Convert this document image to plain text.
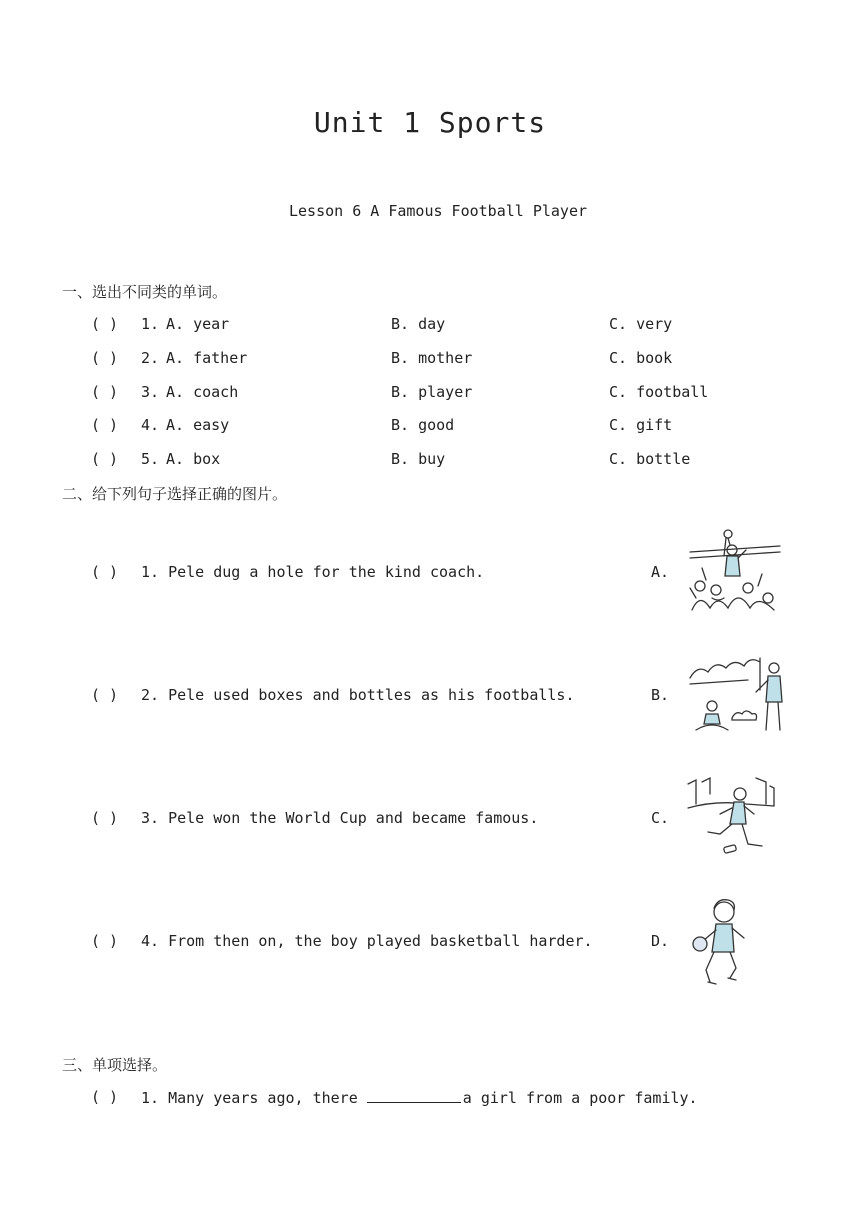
Unit 1 Sports
Lesson 6 A Famous Football Player
一、选出不同类的单词。
( ) 1. A. year	B. day	C. very
( ) 2. A. father	B. mother	C. book
( ) 3. A. coach	B. player	C. football
( ) 4. A. easy	B. good	C. gift
( ) 5. A. box	B. buy	C. bottle
二、给下列句子选择正确的图片。
( ) 1. Pele dug a hole for the kind coach.	A.
( ) 2. Pele used boxes and bottles as his footballs.	B.
( ) 3. Pele won the World Cup and became famous.	C.
( ) 4. From then on, the boy played basketball harder.	D.
三、单项选择。
( ) 1. Many years ago, there	a girl from a poor family.
